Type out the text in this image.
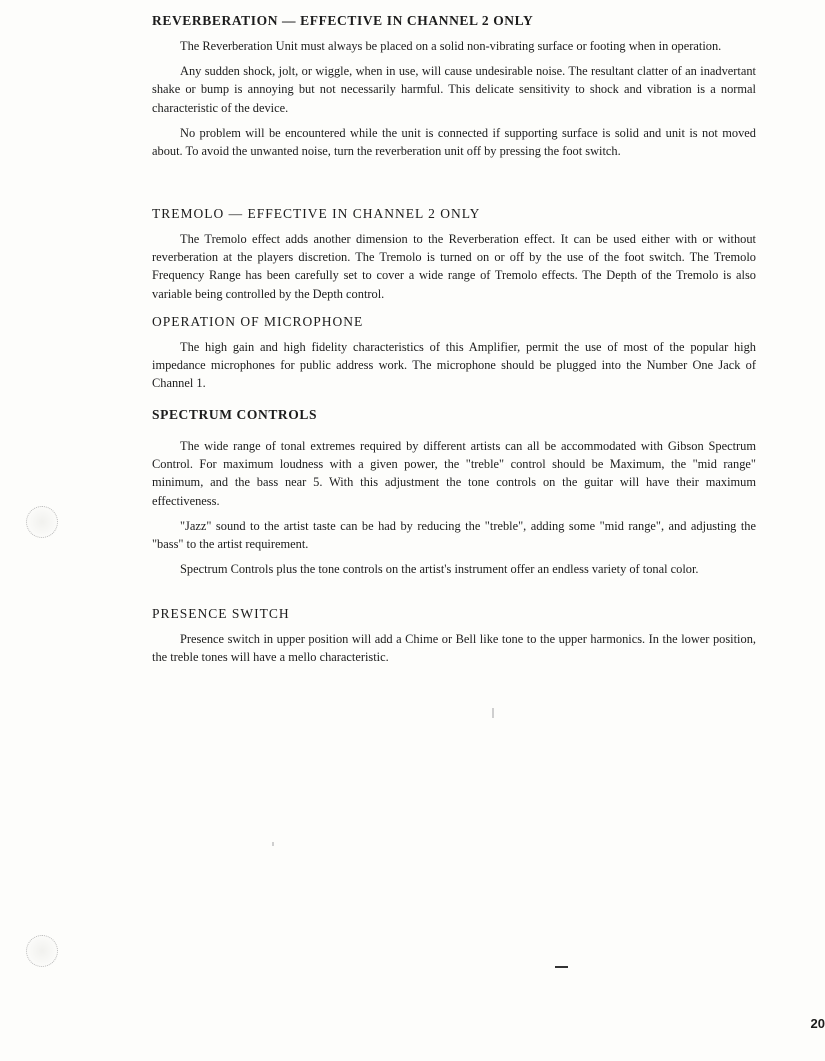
REVERBERATION — EFFECTIVE IN CHANNEL 2 ONLY

The Reverberation Unit must always be placed on a solid non-vibrating surface or footing when in operation.

Any sudden shock, jolt, or wiggle, when in use, will cause undesirable noise. The resultant clatter of an inadvertant shake or bump is annoying but not necessarily harmful. This delicate sensitivity to shock and vibration is a normal characteristic of the device.

No problem will be encountered while the unit is connected if supporting surface is solid and unit is not moved about. To avoid the unwanted noise, turn the reverberation unit off by pressing the foot switch.

TREMOLO — EFFECTIVE IN CHANNEL 2 ONLY

The Tremolo effect adds another dimension to the Reverberation effect. It can be used either with or without reverberation at the players discretion. The Tremolo is turned on or off by the use of the foot switch. The Tremolo Frequency Range has been carefully set to cover a wide range of Tremolo effects. The Depth of the Tremolo is also variable being controlled by the Depth control.

OPERATION OF MICROPHONE

The high gain and high fidelity characteristics of this Amplifier, permit the use of most of the popular high impedance microphones for public address work. The microphone should be plugged into the Number One Jack of Channel 1.

SPECTRUM CONTROLS

The wide range of tonal extremes required by different artists can all be accommodated with Gibson Spectrum Control. For maximum loudness with a given power, the "treble" control should be Maximum, the "mid range" minimum, and the bass near 5. With this adjustment the tone controls on the guitar will have their maximum effectiveness.

"Jazz" sound to the artist taste can be had by reducing the "treble", adding some "mid range", and adjusting the "bass" to the artist requirement.

Spectrum Controls plus the tone controls on the artist's instrument offer an endless variety of tonal color.

PRESENCE SWITCH

Presence switch in upper position will add a Chime or Bell like tone to the upper harmonics. In the lower position, the treble tones will have a mello characteristic.

20
